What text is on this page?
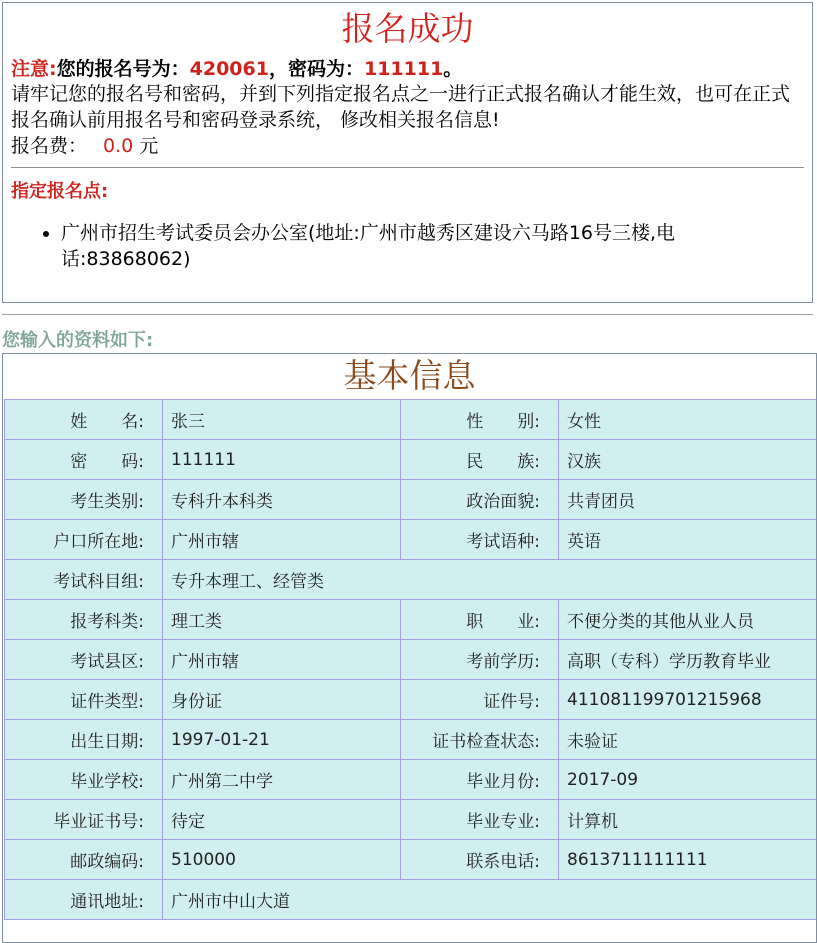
报名成功
注意:您的报名号为：420061，密码为：111111。
请牢记您的报名号和密码，并到下列指定报名点之一进行正式报名确认才能生效，也可在正式报名确认前用报名号和密码登录系统， 修改相关报名信息!
报名费： 0.0 元
指定报名点:
• 广州市招生考试委员会办公室(地址:广州市越秀区建设六马路16号三楼,电话:83868062)
您输入的资料如下:
基本信息
姓　　名:	张三	性　　别:	女性
密　　码:	111111	民　　族:	汉族
考生类别:	专科升本科类	政治面貌:	共青团员
户口所在地:	广州市辖	考试语种:	英语
考试科目组:	专升本理工、经管类		
报考科类:	理工类	职　　业:	不便分类的其他从业人员
考试县区:	广州市辖	考前学历:	高职（专科）学历教育毕业
证件类型:	身份证	证件号:	411081199701215968
出生日期:	1997-01-21	证书检查状态:	未验证
毕业学校:	广州第二中学	毕业月份:	2017-09
毕业证书号:	待定	毕业专业:	计算机
邮政编码:	510000	联系电话:	8613711111111
通讯地址:	广州市中山大道		
